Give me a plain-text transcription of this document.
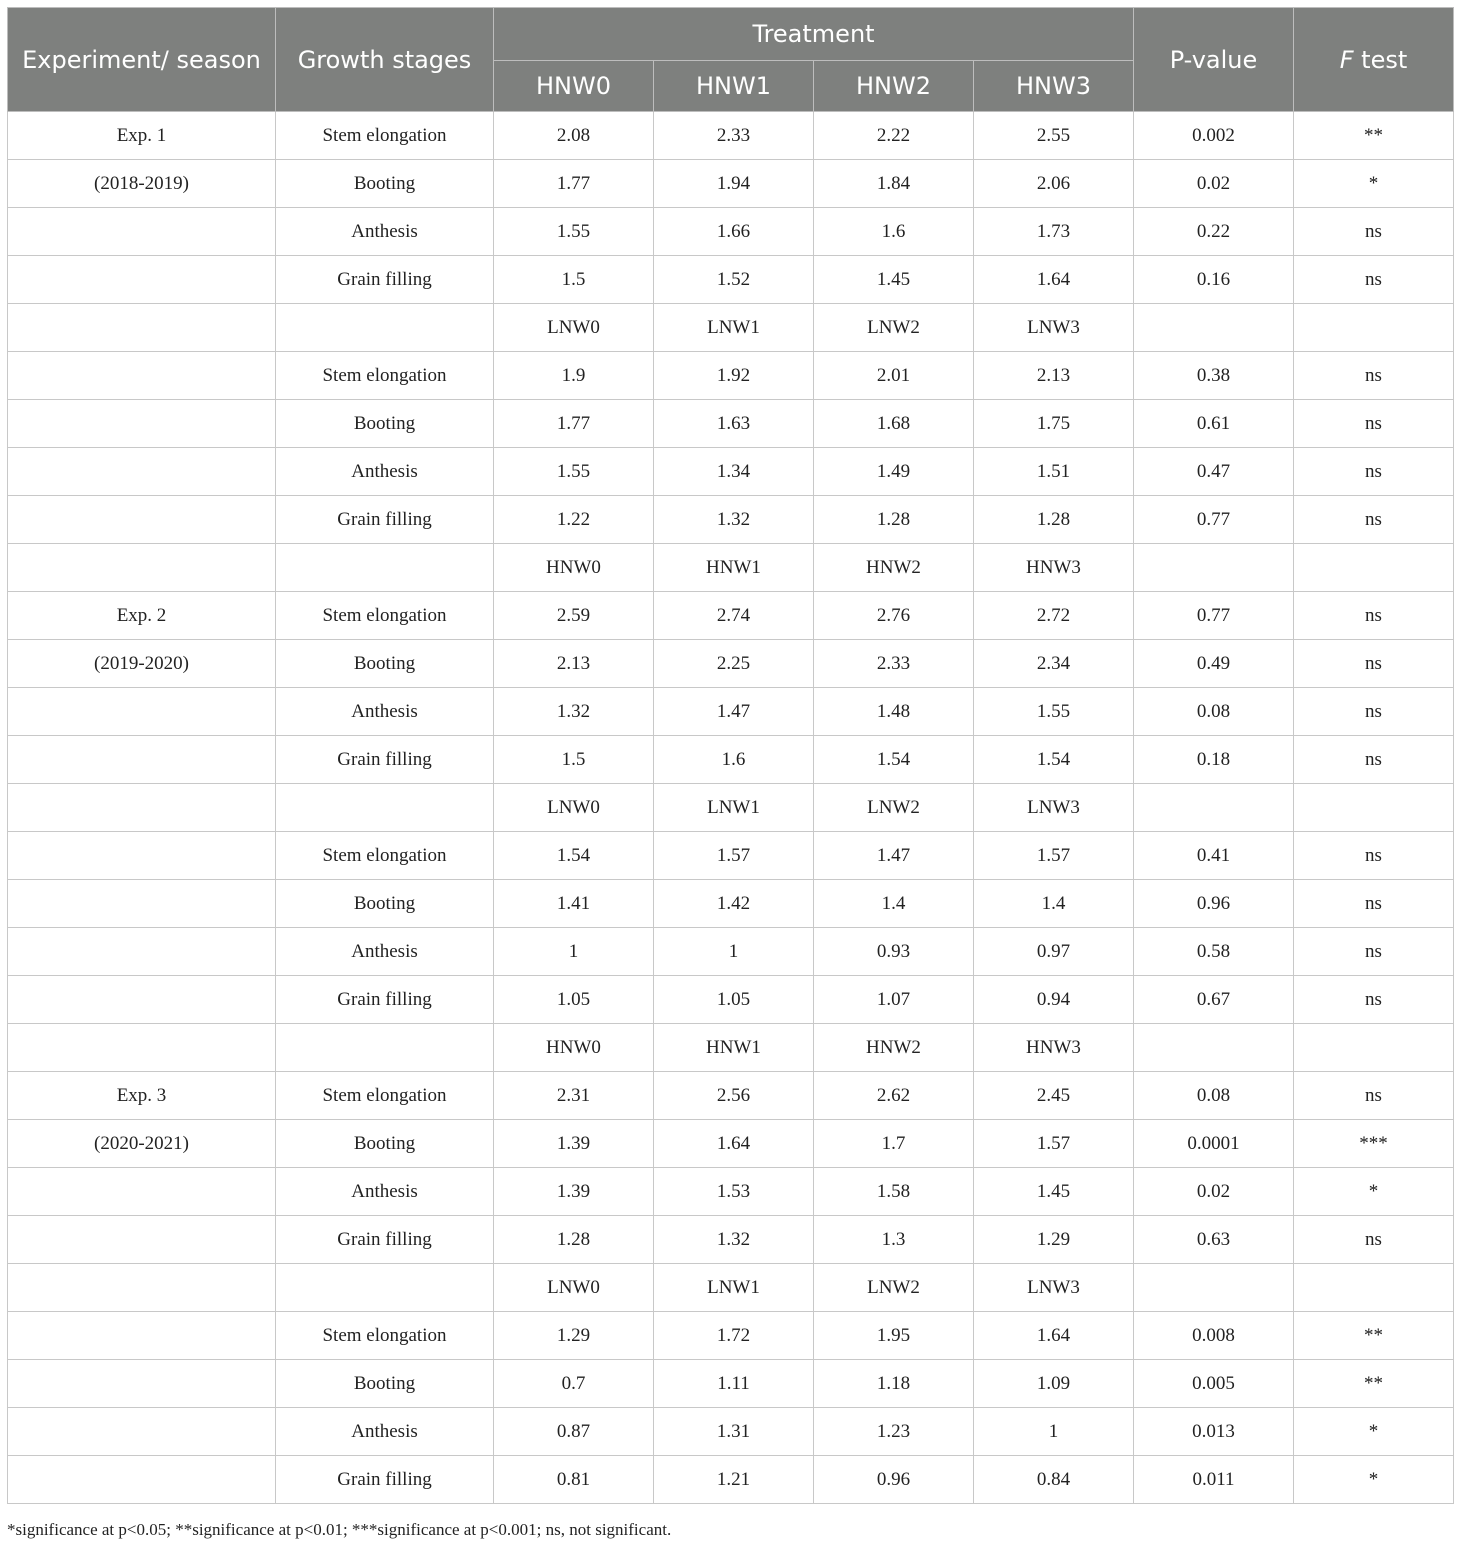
Experiment/ season	Growth stages	Treatment				P-value	F test
		HNW0	HNW1	HNW2	HNW3		
Exp. 1	Stem elongation	2.08	2.33	2.22	2.55	0.002	**
(2018-2019)	Booting	1.77	1.94	1.84	2.06	0.02	*
	Anthesis	1.55	1.66	1.6	1.73	0.22	ns
	Grain filling	1.5	1.52	1.45	1.64	0.16	ns
		LNW0	LNW1	LNW2	LNW3		
	Stem elongation	1.9	1.92	2.01	2.13	0.38	ns
	Booting	1.77	1.63	1.68	1.75	0.61	ns
	Anthesis	1.55	1.34	1.49	1.51	0.47	ns
	Grain filling	1.22	1.32	1.28	1.28	0.77	ns
		HNW0	HNW1	HNW2	HNW3		
Exp. 2	Stem elongation	2.59	2.74	2.76	2.72	0.77	ns
(2019-2020)	Booting	2.13	2.25	2.33	2.34	0.49	ns
	Anthesis	1.32	1.47	1.48	1.55	0.08	ns
	Grain filling	1.5	1.6	1.54	1.54	0.18	ns
		LNW0	LNW1	LNW2	LNW3		
	Stem elongation	1.54	1.57	1.47	1.57	0.41	ns
	Booting	1.41	1.42	1.4	1.4	0.96	ns
	Anthesis	1	1	0.93	0.97	0.58	ns
	Grain filling	1.05	1.05	1.07	0.94	0.67	ns
		HNW0	HNW1	HNW2	HNW3		
Exp. 3	Stem elongation	2.31	2.56	2.62	2.45	0.08	ns
(2020-2021)	Booting	1.39	1.64	1.7	1.57	0.0001	***
	Anthesis	1.39	1.53	1.58	1.45	0.02	*
	Grain filling	1.28	1.32	1.3	1.29	0.63	ns
		LNW0	LNW1	LNW2	LNW3		
	Stem elongation	1.29	1.72	1.95	1.64	0.008	**
	Booting	0.7	1.11	1.18	1.09	0.005	**
	Anthesis	0.87	1.31	1.23	1	0.013	*
	Grain filling	0.81	1.21	0.96	0.84	0.011	*

*significance at p<0.05; **significance at p<0.01; ***significance at p<0.001; ns, not significant.
